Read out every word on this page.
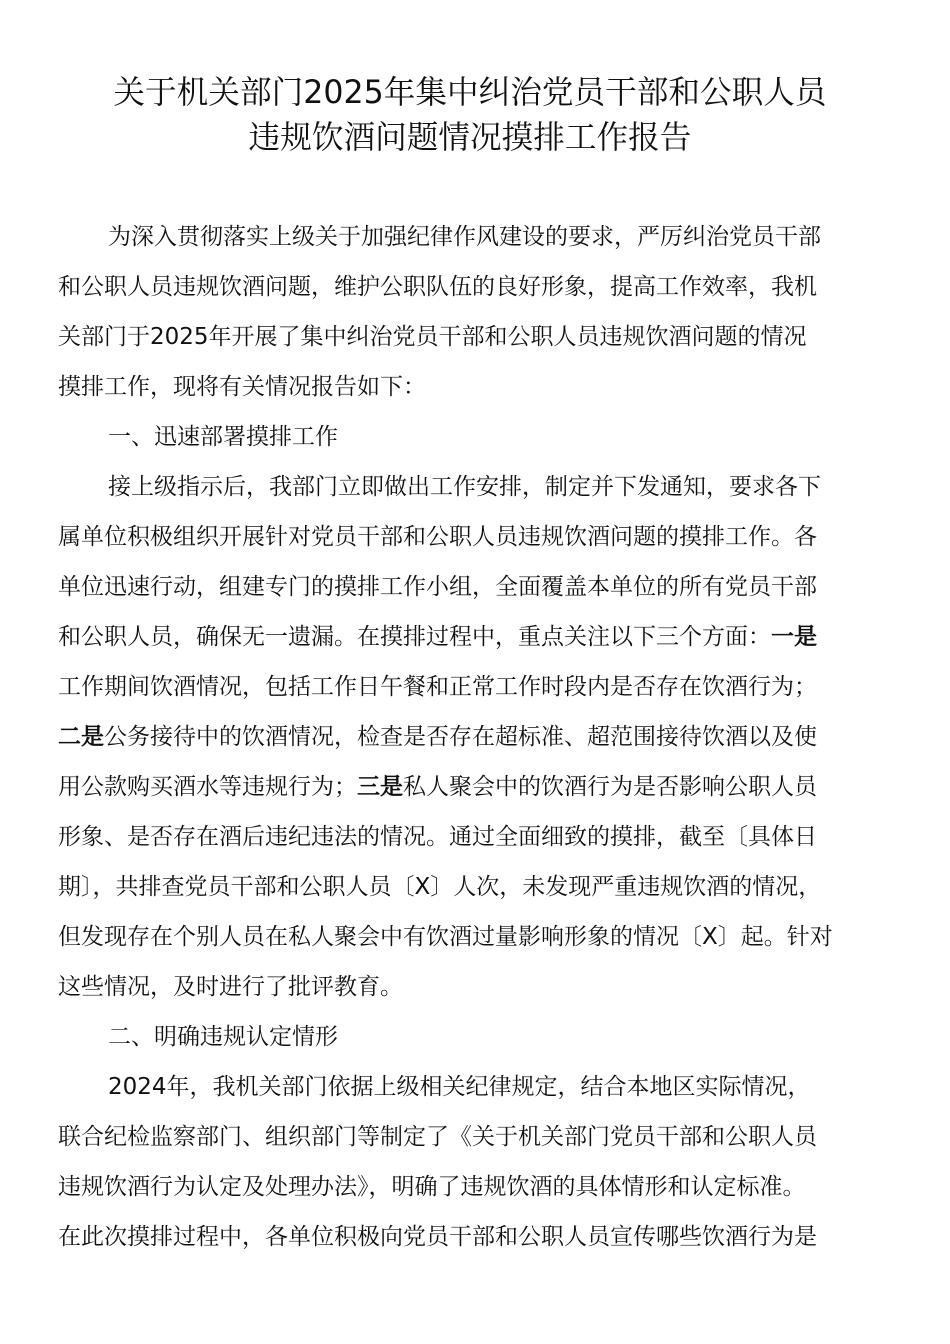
关于机关部门2025年集中纠治党员干部和公职人员
违规饮酒问题情况摸排工作报告
为深入贯彻落实上级关于加强纪律作风建设的要求，严厉纠治党员干部
和公职人员违规饮酒问题，维护公职队伍的良好形象，提高工作效率，我机
关部门于2025年开展了集中纠治党员干部和公职人员违规饮酒问题的情况
摸排工作，现将有关情况报告如下：
一、迅速部署摸排工作
接上级指示后，我部门立即做出工作安排，制定并下发通知，要求各下
属单位积极组织开展针对党员干部和公职人员违规饮酒问题的摸排工作。各
单位迅速行动，组建专门的摸排工作小组，全面覆盖本单位的所有党员干部
和公职人员，确保无一遗漏。在摸排过程中，重点关注以下三个方面：一是
工作期间饮酒情况，包括工作日午餐和正常工作时段内是否存在饮酒行为；
二是公务接待中的饮酒情况，检查是否存在超标准、超范围接待饮酒以及使
用公款购买酒水等违规行为；三是私人聚会中的饮酒行为是否影响公职人员
形象、是否存在酒后违纪违法的情况。通过全面细致的摸排，截至〔具体日
期〕，共排查党员干部和公职人员〔X〕人次，未发现严重违规饮酒的情况，
但发现存在个别人员在私人聚会中有饮酒过量影响形象的情况〔X〕起。针对
这些情况，及时进行了批评教育。
二、明确违规认定情形
2024年，我机关部门依据上级相关纪律规定，结合本地区实际情况，
联合纪检监察部门、组织部门等制定了《关于机关部门党员干部和公职人员
违规饮酒行为认定及处理办法》，明确了违规饮酒的具体情形和认定标准。
在此次摸排过程中，各单位积极向党员干部和公职人员宣传哪些饮酒行为是
